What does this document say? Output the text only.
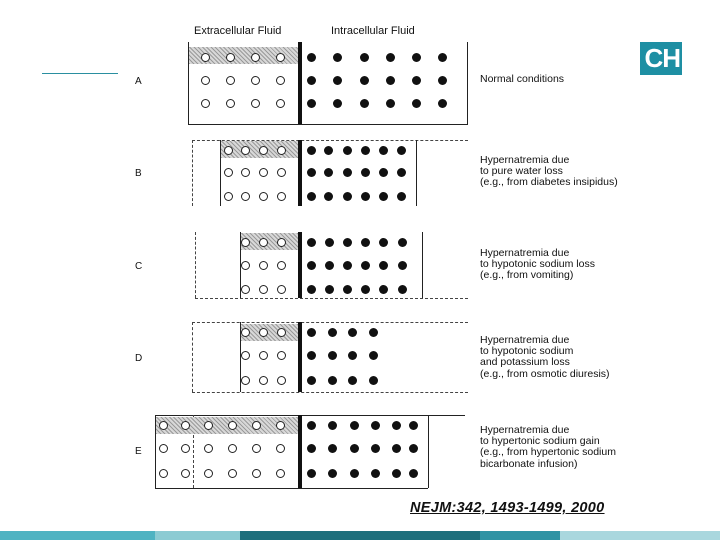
CH
Extracellular Fluid	Intracellular Fluid
A
B
C
D
E
Normal conditions
Hypernatremia due
to pure water loss
(e.g., from diabetes insipidus)
Hypernatremia due
to hypotonic sodium loss
(e.g., from vomiting)
Hypernatremia due
to hypotonic sodium
and potassium loss
(e.g., from osmotic diuresis)
Hypernatremia due
to hypertonic sodium gain
(e.g., from hypertonic sodium
bicarbonate infusion)
NEJM:342, 1493-1499, 2000
